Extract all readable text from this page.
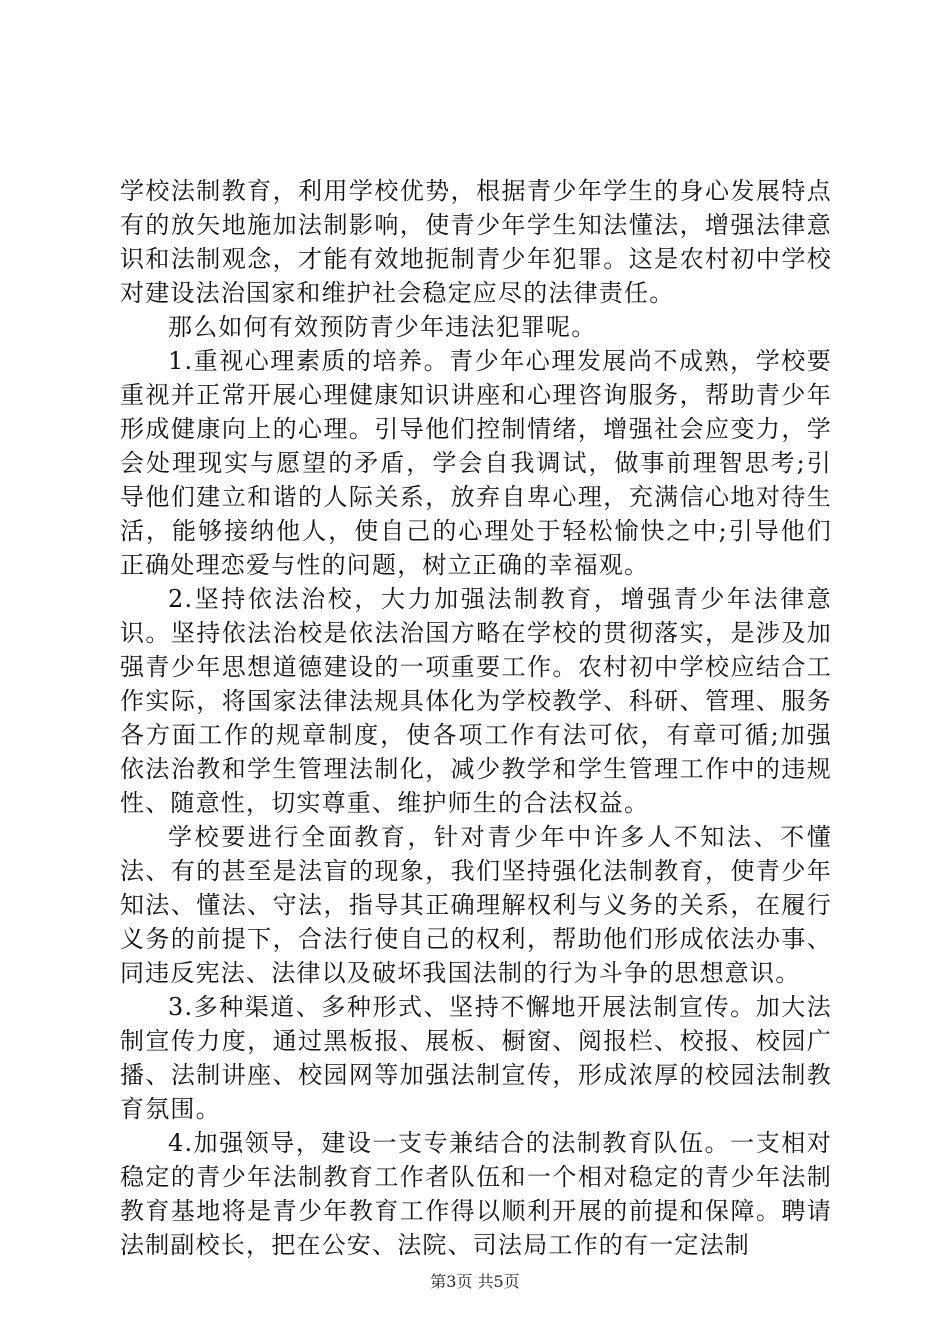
学校法制教育，利用学校优势，根据青少年学生的身心发展特点有的放矢地施加法制影响，使青少年学生知法懂法，增强法律意识和法制观念，才能有效地扼制青少年犯罪。这是农村初中学校对建设法治国家和维护社会稳定应尽的法律责任。

那么如何有效预防青少年违法犯罪呢。

1.重视心理素质的培养。青少年心理发展尚不成熟，学校要重视并正常开展心理健康知识讲座和心理咨询服务，帮助青少年形成健康向上的心理。引导他们控制情绪，增强社会应变力，学会处理现实与愿望的矛盾，学会自我调试，做事前理智思考;引导他们建立和谐的人际关系，放弃自卑心理，充满信心地对待生活，能够接纳他人，使自己的心理处于轻松愉快之中;引导他们正确处理恋爱与性的问题，树立正确的幸福观。

2.坚持依法治校，大力加强法制教育，增强青少年法律意识。坚持依法治校是依法治国方略在学校的贯彻落实，是涉及加强青少年思想道德建设的一项重要工作。农村初中学校应结合工作实际，将国家法律法规具体化为学校教学、科研、管理、服务各方面工作的规章制度，使各项工作有法可依，有章可循;加强依法治教和学生管理法制化，减少教学和学生管理工作中的违规性、随意性，切实尊重、维护师生的合法权益。

学校要进行全面教育，针对青少年中许多人不知法、不懂法、有的甚至是法盲的现象，我们坚持强化法制教育，使青少年知法、懂法、守法，指导其正确理解权利与义务的关系，在履行义务的前提下，合法行使自己的权利，帮助他们形成依法办事、同违反宪法、法律以及破坏我国法制的行为斗争的思想意识。

3.多种渠道、多种形式、坚持不懈地开展法制宣传。加大法制宣传力度，通过黑板报、展板、橱窗、阅报栏、校报、校园广播、法制讲座、校园网等加强法制宣传，形成浓厚的校园法制教育氛围。

4.加强领导，建设一支专兼结合的法制教育队伍。一支相对稳定的青少年法制教育工作者队伍和一个相对稳定的青少年法制教育基地将是青少年教育工作得以顺利开展的前提和保障。聘请法制副校长，把在公安、法院、司法局工作的有一定法制

第3页 共5页
